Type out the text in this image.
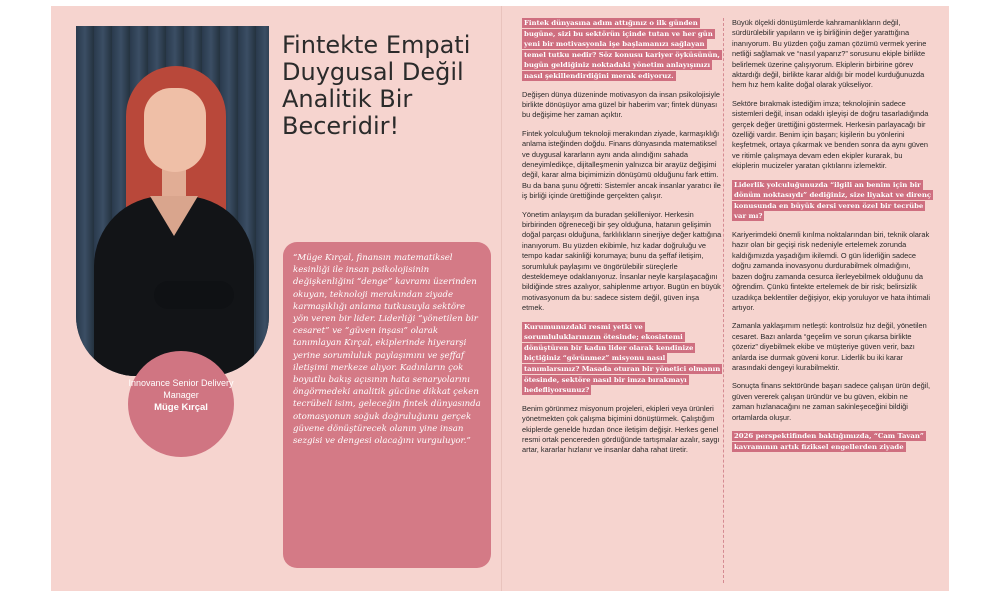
Innovance Senior Delivery Manager
Müge Kırçal
Fintekte Empati Duygusal Değil Analitik Bir Beceridir!

“Müge Kırçal, finansın matematiksel kesinliği ile insan psikolojisinin değişkenliğini “denge” kavramı üzerinden okuyan, teknoloji merakından ziyade karmaşıklığı anlama tutkusuyla sektöre yön veren bir lider. Liderliği “yönetilen bir cesaret” ve “güven inşası” olarak tanımlayan Kırçal, ekiplerinde hiyerarşi yerine sorumluluk paylaşımını ve şeffaf iletişimi merkeze alıyor. Kadınların çok boyutlu bakış açısının hata senaryolarını öngörmedeki analitik gücüne dikkat çeken tecrübeli isim, geleceğin fintek dünyasında otomasyonun soğuk doğruluğunu gerçek güvene dönüştürecek olanın yine insan sezgisi ve dengesi olacağını vurguluyor.”

Fintek dünyasına adım attığınız o ilk günden bugüne, sizi bu sektörün içinde tutan ve her gün yeni bir motivasyonla işe başlamanızı sağlayan temel tutku nedir? Söz konusu kariyer öyküsünün, bugün geldiğiniz noktadaki yönetim anlayışınızı nasıl şekillendirdiğini merak ediyoruz.

Değişen dünya düzeninde motivasyon da insan psikolojisiyle birlikte dönüşüyor ama güzel bir haberim var; fintek dünyası bu değişime her zaman açıktır.

Fintek yolculuğum teknoloji merakından ziyade, karmaşıklığı anlama isteğinden doğdu. Finans dünyasında matematiksel ve duygusal kararların aynı anda alındığını sahada deneyimledikçe, dijitalleşmenin yalnızca bir arayüz değişimi değil, karar alma biçimimizin dönüşümü olduğunu fark ettim. Bu da bana şunu öğretti: Sistemler ancak insanlar yaratıcı ile iş birliği içinde ürettiğinde gerçekten çalışır.

Yönetim anlayışım da buradan şekilleniyor. Herkesin birbirinden öğreneceği bir şey olduğuna, hatanın gelişimin doğal parçası olduğuna, farklılıkların sinerjiye değer kattığına inanıyorum. Bu yüzden ekibimle, hız kadar doğruluğu ve tempo kadar sakinliği korumaya; bunu da şeffaf iletişim, sorumluluk paylaşımı ve öngörülebilir süreçlerle desteklemeye odaklanıyoruz. İnsanlar neyle karşılaşacağını bildiğinde stres azalıyor, sahiplenme artıyor. Bugün en büyük motivasyonum da bu: sadece sistem değil, güven inşa etmek.

Kurumunuzdaki resmi yetki ve sorumluluklarınızın ötesinde; ekosistemi dönüştüren bir kadın lider olarak kendinize biçtiğiniz “görünmez” misyonu nasıl tanımlarsınız? Masada oturan bir yönetici olmanın ötesinde, sektöre nasıl bir imza bırakmayı hedefliyorsunuz?

Benim görünmez misyonum projeleri, ekipleri veya ürünleri yönetmekten çok çalışma biçimini dönüştürmek. Çalıştığım ekiplerde genelde hızdan önce iletişim değişir. Herkes genel resmi ortak pencereden gördüğünde tartışmalar azalır, saygı artar, kararlar hızlanır ve insanlar daha rahat üretir.

Büyük ölçekli dönüşümlerde kahramanlıkların değil, sürdürülebilir yapıların ve iş birliğinin değer yarattığına inanıyorum. Bu yüzden çoğu zaman çözümü vermek yerine netliği sağlamak ve “nasıl yaparız?” sorusunu ekiple birlikte belirlemek üzerine çalışıyorum. Ekiplerin birbirine görev aktardığı değil, birlikte karar aldığı bir model kurduğunuzda hem hız hem kalite doğal olarak yükseliyor.

Sektöre bırakmak istediğim imza; teknolojinin sadece sistemleri değil, insan odaklı işleyişi de doğru tasarladığında gerçek değer ürettiğini göstermek. Herkesin parlayacağı bir özelliği vardır. Benim için başarı; kişilerin bu yönlerini keşfetmek, ortaya çıkarmak ve benden sonra da aynı güven ve ritimle çalışmaya devam eden ekipler kurarak, bu ekiplerin mucizeler yaratan çıktılarını izlemektir.

Liderlik yolculuğunuzda “ilgili an benim için bir dönüm noktasıydı” dediğiniz, size liyakat ve direnç konusunda en büyük dersi veren özel bir tecrübe var mı?

Kariyerimdeki önemli kırılma noktalarından biri, teknik olarak hazır olan bir geçişi risk nedeniyle ertelemek zorunda kaldığımızda yaşadığım ikilemdi. O gün liderliğin sadece doğru zamanda inovasyonu durdurabilmek olmadığını, bazen doğru zamanda cesurca ilerleyebilmek olduğunu da öğrendim. Çünkü fintekte ertelemek de bir risk; belirsizlik uzadıkça beklentiler değişiyor, ekip yoruluyor ve hata ihtimali artıyor.

Zamanla yaklaşımım netleşti: kontrolsüz hız değil, yönetilen cesaret. Bazı anlarda “geçelim ve sorun çıkarsa birlikte çözeriz” diyebilmek ekibe ve müşteriye güven verir, bazı anlarda ise durmak güveni korur. Liderlik bu iki karar arasındaki dengeyi kurabilmektir.

Sonuçta finans sektöründe başarı sadece çalışan ürün değil, güven vererek çalışan üründür ve bu güven, ekibin ne zaman hızlanacağını ne zaman sakinleşeceğini bildiği ortamlarda oluşur.

2026 perspektifinden baktığımızda, “Cam Tavan” kavramının artık fiziksel engellerden ziyade
